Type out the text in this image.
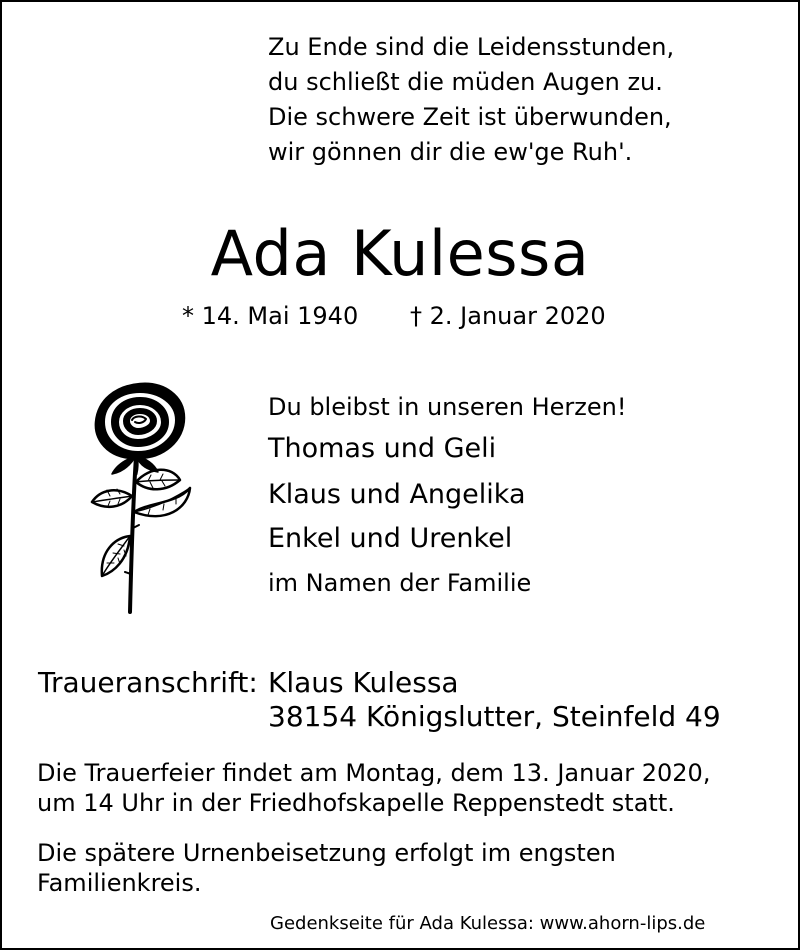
Zu Ende sind die Leidensstunden,
du schließt die müden Augen zu.
Die schwere Zeit ist überwunden,
wir gönnen dir die ew'ge Ruh'.
Ada Kulessa
* 14. Mai 1940 † 2. Januar 2020
Du bleibst in unseren Herzen!
Thomas und Geli
Klaus und Angelika
Enkel und Urenkel
im Namen der Familie
Traueranschrift: Klaus Kulessa
38154 Königslutter, Steinfeld 49
Die Trauerfeier findet am Montag, dem 13. Januar 2020,
um 14 Uhr in der Friedhofskapelle Reppenstedt statt.
Die spätere Urnenbeisetzung erfolgt im engsten
Familienkreis.
Gedenkseite für Ada Kulessa: www.ahorn-lips.de
